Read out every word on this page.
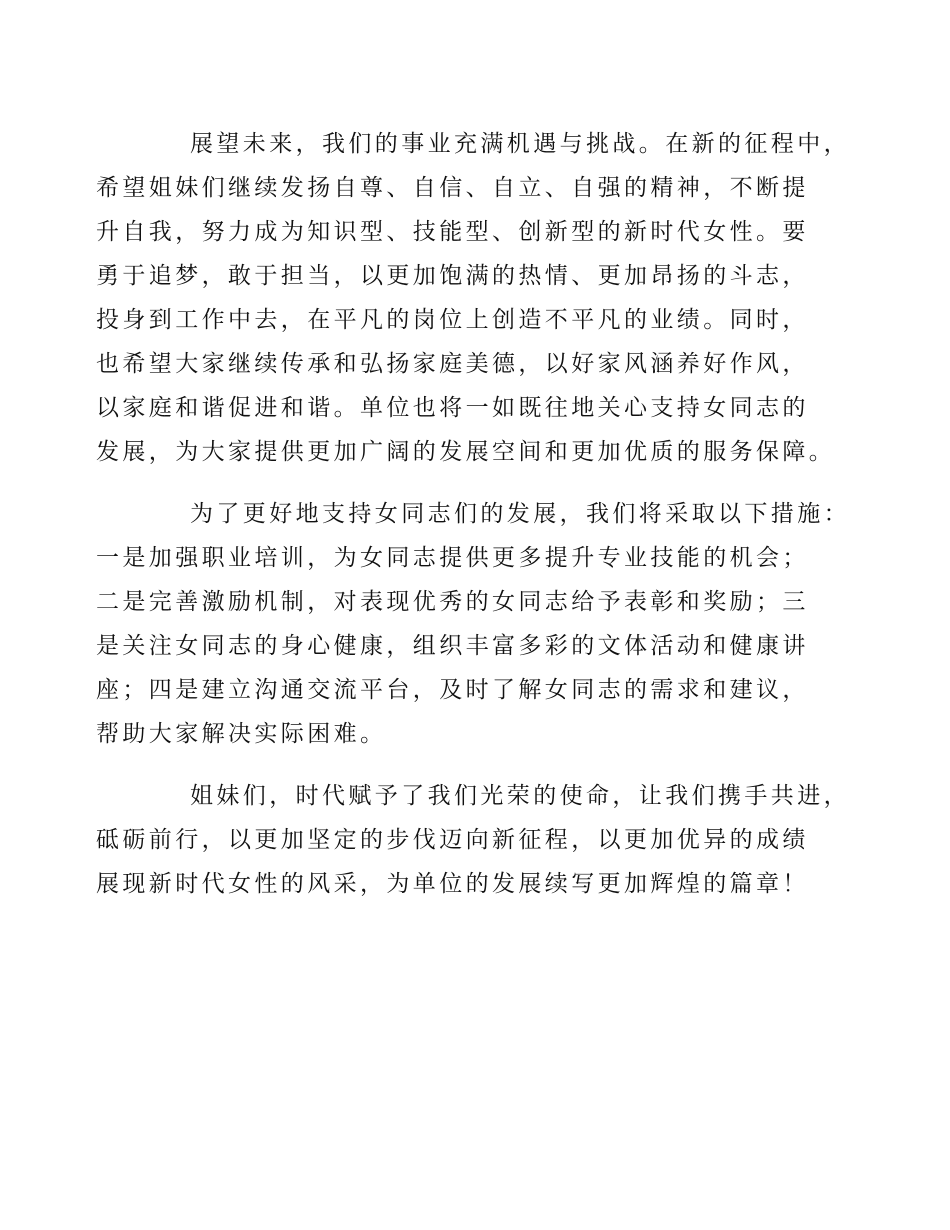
展望未来，我们的事业充满机遇与挑战。在新的征程中，
希望姐妹们继续发扬自尊、自信、自立、自强的精神，不断提
升自我，努力成为知识型、技能型、创新型的新时代女性。要
勇于追梦，敢于担当，以更加饱满的热情、更加昂扬的斗志，
投身到工作中去，在平凡的岗位上创造不平凡的业绩。同时，
也希望大家继续传承和弘扬家庭美德，以好家风涵养好作风，
以家庭和谐促进和谐。单位也将一如既往地关心支持女同志的
发展，为大家提供更加广阔的发展空间和更加优质的服务保障。

为了更好地支持女同志们的发展，我们将采取以下措施：
一是加强职业培训，为女同志提供更多提升专业技能的机会；
二是完善激励机制，对表现优秀的女同志给予表彰和奖励；三
是关注女同志的身心健康，组织丰富多彩的文体活动和健康讲
座；四是建立沟通交流平台，及时了解女同志的需求和建议，
帮助大家解决实际困难。

姐妹们，时代赋予了我们光荣的使命，让我们携手共进，
砥砺前行，以更加坚定的步伐迈向新征程，以更加优异的成绩
展现新时代女性的风采，为单位的发展续写更加辉煌的篇章！
